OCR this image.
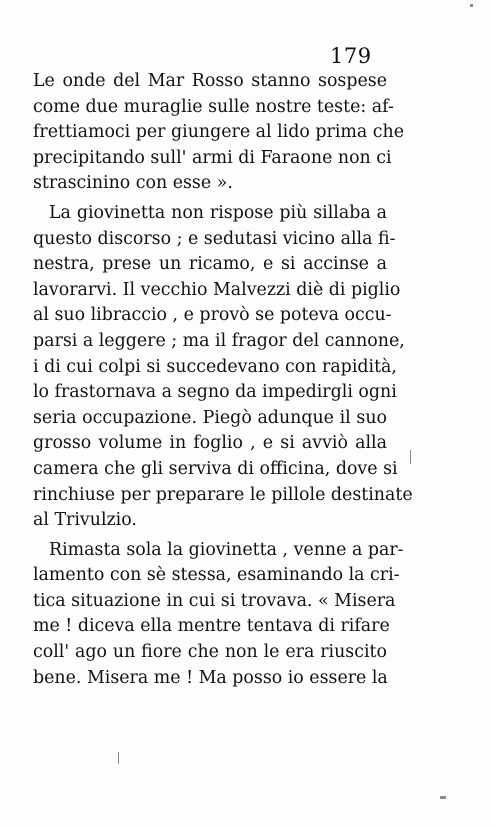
179
Le onde del Mar Rosso stanno sospese
come due muraglie sulle nostre teste: af-
frettiamoci per giungere al lido prima che
precipitando sull' armi di Faraone non ci
strascinino con esse ».
La giovinetta non rispose più sillaba a
questo discorso ; e sedutasi vicino alla fi-
nestra, prese un ricamo, e si accinse a
lavorarvi. Il vecchio Malvezzi diè di piglio
al suo libraccio , e provò se poteva occu-
parsi a leggere ; ma il fragor del cannone,
i di cui colpi si succedevano con rapidità,
lo frastornava a segno da impedirgli ogni
seria occupazione. Piegò adunque il suo
grosso volume in foglio , e si avviò alla
camera che gli serviva di officina, dove si
rinchiuse per preparare le pillole destinate
al Trivulzio.
Rimasta sola la giovinetta , venne a par-
lamento con sè stessa, esaminando la cri-
tica situazione in cui si trovava. « Misera
me ! diceva ella mentre tentava di rifare
coll' ago un fiore che non le era riuscito
bene. Misera me ! Ma posso io essere la
